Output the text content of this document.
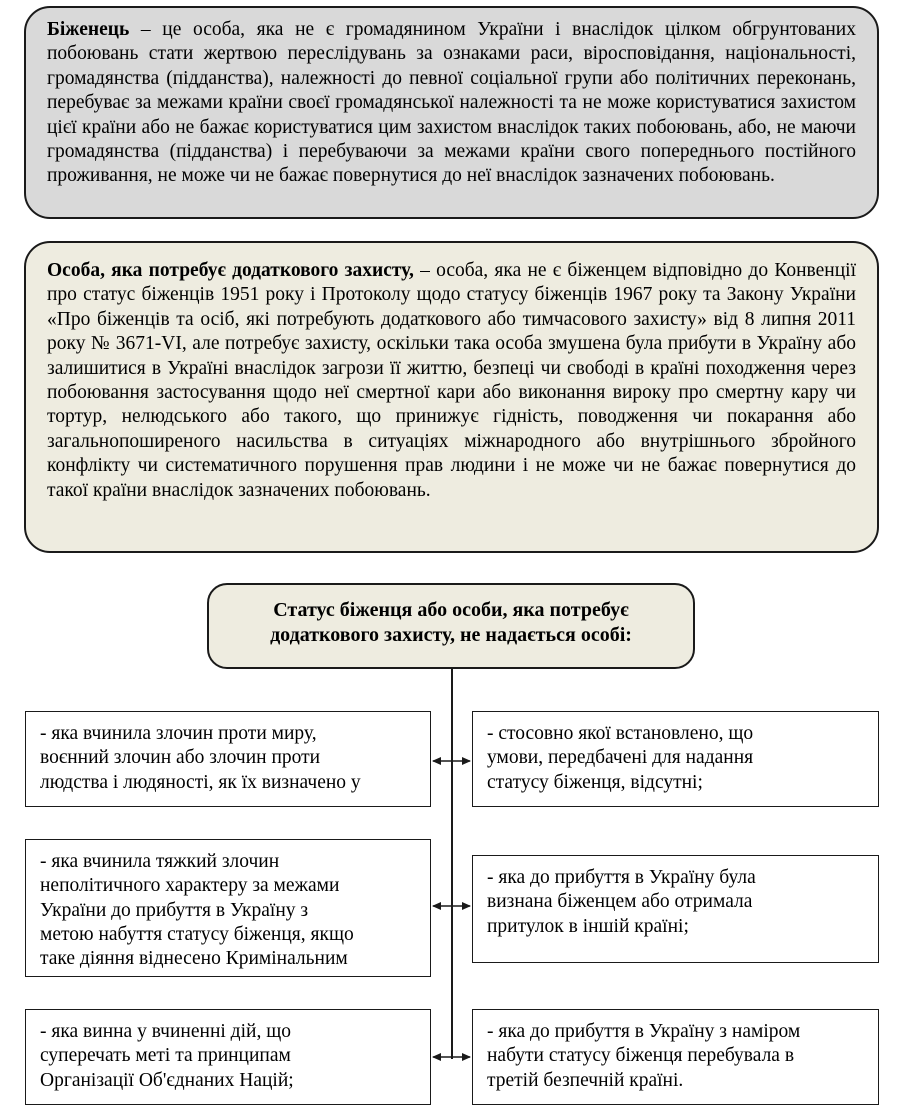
Біженець – це особа, яка не є громадянином України і внаслідок цілком обгрунтованих побоювань стати жертвою переслідувань за ознаками раси, віросповідання, національності, громадянства (підданства), належності до певної соціальної групи або політичних переконань, перебуває за межами країни своєї громадянської належності та не може користуватися захистом цієї країни або не бажає користуватися цим захистом внаслідок таких побоювань, або, не маючи громадянства (підданства) і перебуваючи за межами країни свого попереднього постійного проживання, не може чи не бажає повернутися до неї внаслідок зазначених побоювань.
Особа, яка потребує додаткового захисту, – особа, яка не є біженцем відповідно до Конвенції про статус біженців 1951 року і Протоколу щодо статусу біженців 1967 року та Закону України «Про біженців та осіб, які потребують додаткового або тимчасового захисту» від 8 липня 2011 року № 3671-VI, але потребує захисту, оскільки така особа змушена була прибути в Україну або залишитися в Україні внаслідок загрози її життю, безпеці чи свободі в країні походження через побоювання застосування щодо неї смертної кари або виконання вироку про смертну кару чи тортур, нелюдського або такого, що принижує гідність, поводження чи покарання або загальнопоширеного насильства в ситуаціях міжнародного або внутрішнього збройного конфлікту чи систематичного порушення прав людини і не може чи не бажає повернутися до такої країни внаслідок зазначених побоювань.
Статус біженця або особи, яка потребує
додаткового захисту, не надається особі:
- яка вчинила злочин проти миру,
воєнний злочин або злочин проти
людства і людяності, як їх визначено у
- яка вчинила тяжкий злочин
неполітичного характеру за межами
України до прибуття в Україну з
метою набуття статусу біженця, якщо
таке діяння віднесено Кримінальним
- яка винна у вчиненні дій, що
суперечать меті та принципам
Організації Об'єднаних Націй;
- стосовно якої встановлено, що
умови, передбачені для надання
статусу біженця, відсутні;
- яка до прибуття в Україну була
визнана біженцем або отримала
притулок в іншій країні;
- яка до прибуття в Україну з наміром
набути статусу біженця перебувала в
третій безпечній країні.
